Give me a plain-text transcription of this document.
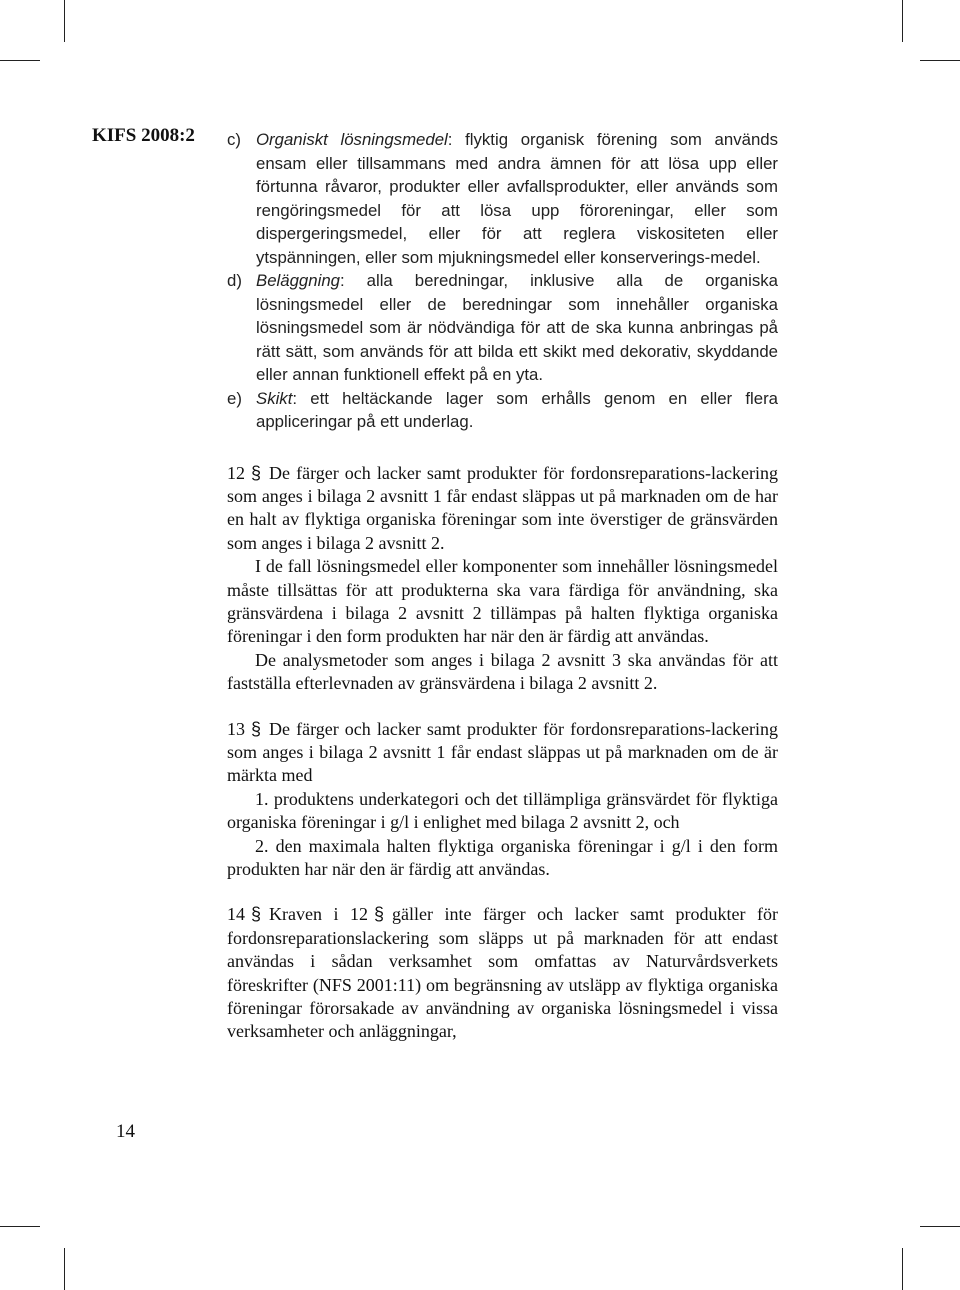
KIFS 2008:2 c) Organiskt lösningsmedel: flyktig organisk förening som används ensam eller tillsammans med andra ämnen för att lösa upp eller förtunna råvaror, produkter eller avfallsprodukter, eller används som rengöringsmedel för att lösa upp föroreningar, eller som dispergeringsmedel, eller för att reglera viskositeten eller ytspänningen, eller som mjukningsmedel eller konserverings-medel.

d) Beläggning: alla beredningar, inklusive alla de organiska lösningsmedel eller de beredningar som innehåller organiska lösningsmedel som är nödvändiga för att de ska kunna anbringas på rätt sätt, som används för att bilda ett skikt med dekorativ, skyddande eller annan funktionell effekt på en yta.

e) Skikt: ett heltäckande lager som erhålls genom en eller flera appliceringar på ett underlag.

12 § De färger och lacker samt produkter för fordonsreparations-lackering som anges i bilaga 2 avsnitt 1 får endast släppas ut på marknaden om de har en halt av flyktiga organiska föreningar som inte överstiger de gränsvärden som anges i bilaga 2 avsnitt 2.

I de fall lösningsmedel eller komponenter som innehåller lösningsmedel måste tillsättas för att produkterna ska vara färdiga för användning, ska gränsvärdena i bilaga 2 avsnitt 2 tillämpas på halten flyktiga organiska föreningar i den form produkten har när den är färdig att användas.

De analysmetoder som anges i bilaga 2 avsnitt 3 ska användas för att fastställa efterlevnaden av gränsvärdena i bilaga 2 avsnitt 2.

13 § De färger och lacker samt produkter för fordonsreparations-lackering som anges i bilaga 2 avsnitt 1 får endast släppas ut på marknaden om de är märkta med

1. produktens underkategori och det tillämpliga gränsvärdet för flyktiga organiska föreningar i g/l i enlighet med bilaga 2 avsnitt 2, och

2. den maximala halten flyktiga organiska föreningar i g/l i den form produkten har när den är färdig att användas.

14 § Kraven i 12 § gäller inte färger och lacker samt produkter för fordonsreparationslackering som släpps ut på marknaden för att endast användas i sådan verksamhet som omfattas av Naturvårdsverkets föreskrifter (NFS 2001:11) om begränsning av utsläpp av flyktiga organiska föreningar förorsakade av användning av organiska lösningsmedel i vissa verksamheter och anläggningar,

14
